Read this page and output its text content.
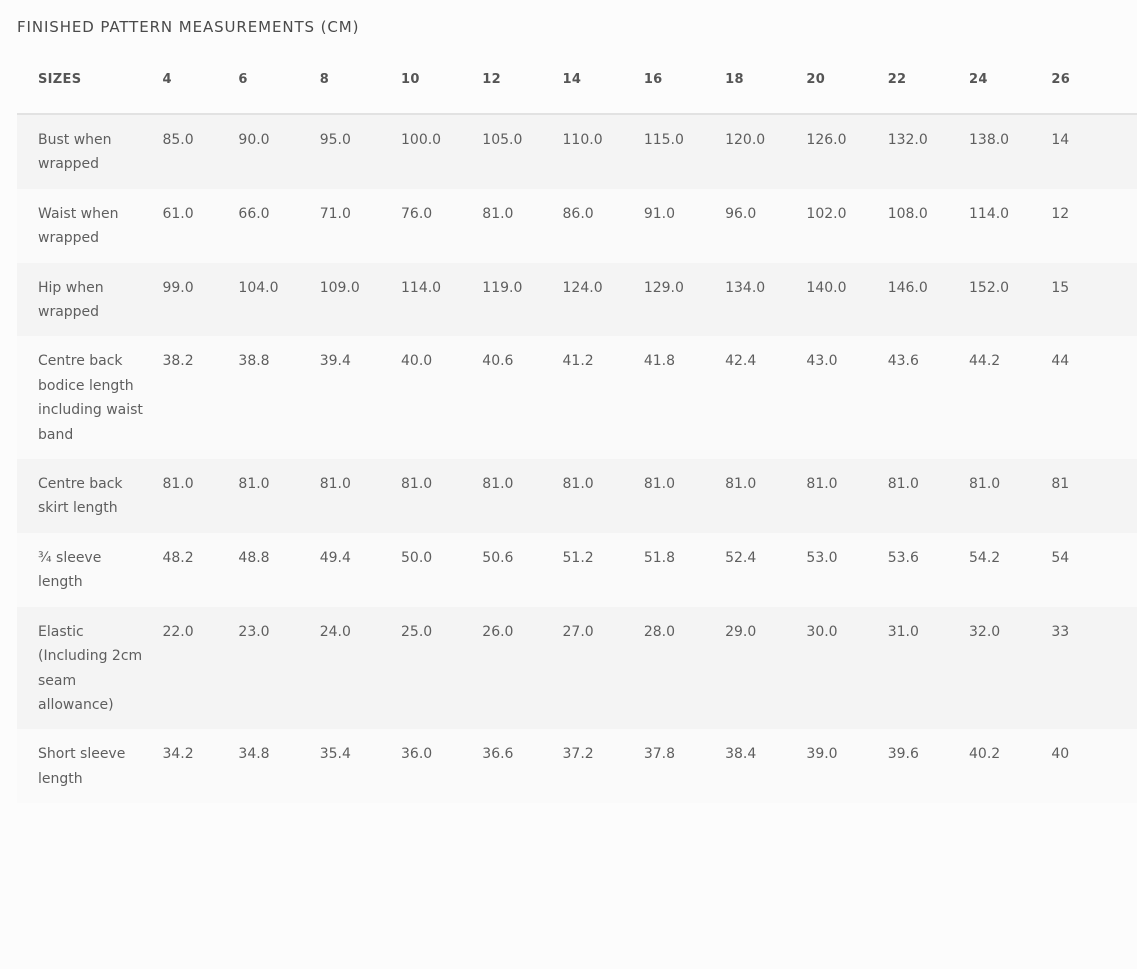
FINISHED PATTERN MEASUREMENTS (CM)
SIZES	4	6	8	10	12	14	16	18	20	22	24	26
Bust when wrapped	85.0	90.0	95.0	100.0	105.0	110.0	115.0	120.0	126.0	132.0	138.0	14
Waist when wrapped	61.0	66.0	71.0	76.0	81.0	86.0	91.0	96.0	102.0	108.0	114.0	12
Hip when wrapped	99.0	104.0	109.0	114.0	119.0	124.0	129.0	134.0	140.0	146.0	152.0	15
Centre back bodice length including waist band	38.2	38.8	39.4	40.0	40.6	41.2	41.8	42.4	43.0	43.6	44.2	44
Centre back skirt length	81.0	81.0	81.0	81.0	81.0	81.0	81.0	81.0	81.0	81.0	81.0	81
¾ sleeve length	48.2	48.8	49.4	50.0	50.6	51.2	51.8	52.4	53.0	53.6	54.2	54
Elastic (Including 2cm seam allowance)	22.0	23.0	24.0	25.0	26.0	27.0	28.0	29.0	30.0	31.0	32.0	33
Short sleeve length	34.2	34.8	35.4	36.0	36.6	37.2	37.8	38.4	39.0	39.6	40.2	40
